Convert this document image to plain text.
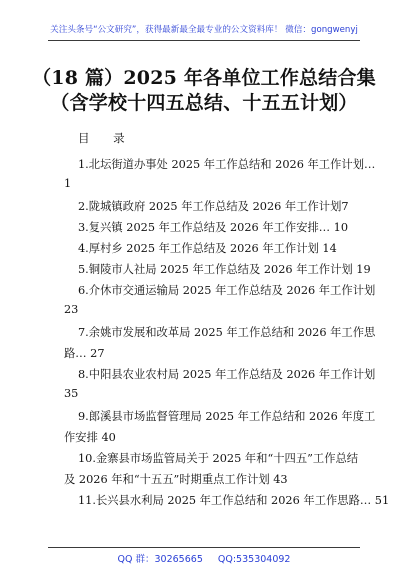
关注头条号“公文研究”，获得最新最全最专业的公文资料库！ 微信：gongwenyj
（18 篇）2025 年各单位工作总结合集
（含学校十四五总结、十五五计划）
目 录
1.北坛街道办事处 2025 年工作总结和 2026 年工作计划…
1
2.陇城镇政府 2025 年工作总结及 2026 年工作计划7
3.复兴镇 2025 年工作总结及 2026 年工作安排… 10
4.厚村乡 2025 年工作总结及 2026 年工作计划 14
5.铜陵市人社局 2025 年工作总结及 2026 年工作计划 19
6.介休市交通运输局 2025 年工作总结及 2026 年工作计划
23
7.余姚市发展和改革局 2025 年工作总结和 2026 年工作思
路… 27
8.中阳县农业农村局 2025 年工作总结及 2026 年工作计划
35
9.郎溪县市场监督管理局 2025 年工作总结和 2026 年度工
作安排 40
10.金寨县市场监管局关于 2025 年和“十四五”工作总结
及 2026 年和“十五五”时期重点工作计划 43
11.长兴县水利局 2025 年工作总结和 2026 年工作思路… 51
QQ 群：30265665 QQ:535304092
